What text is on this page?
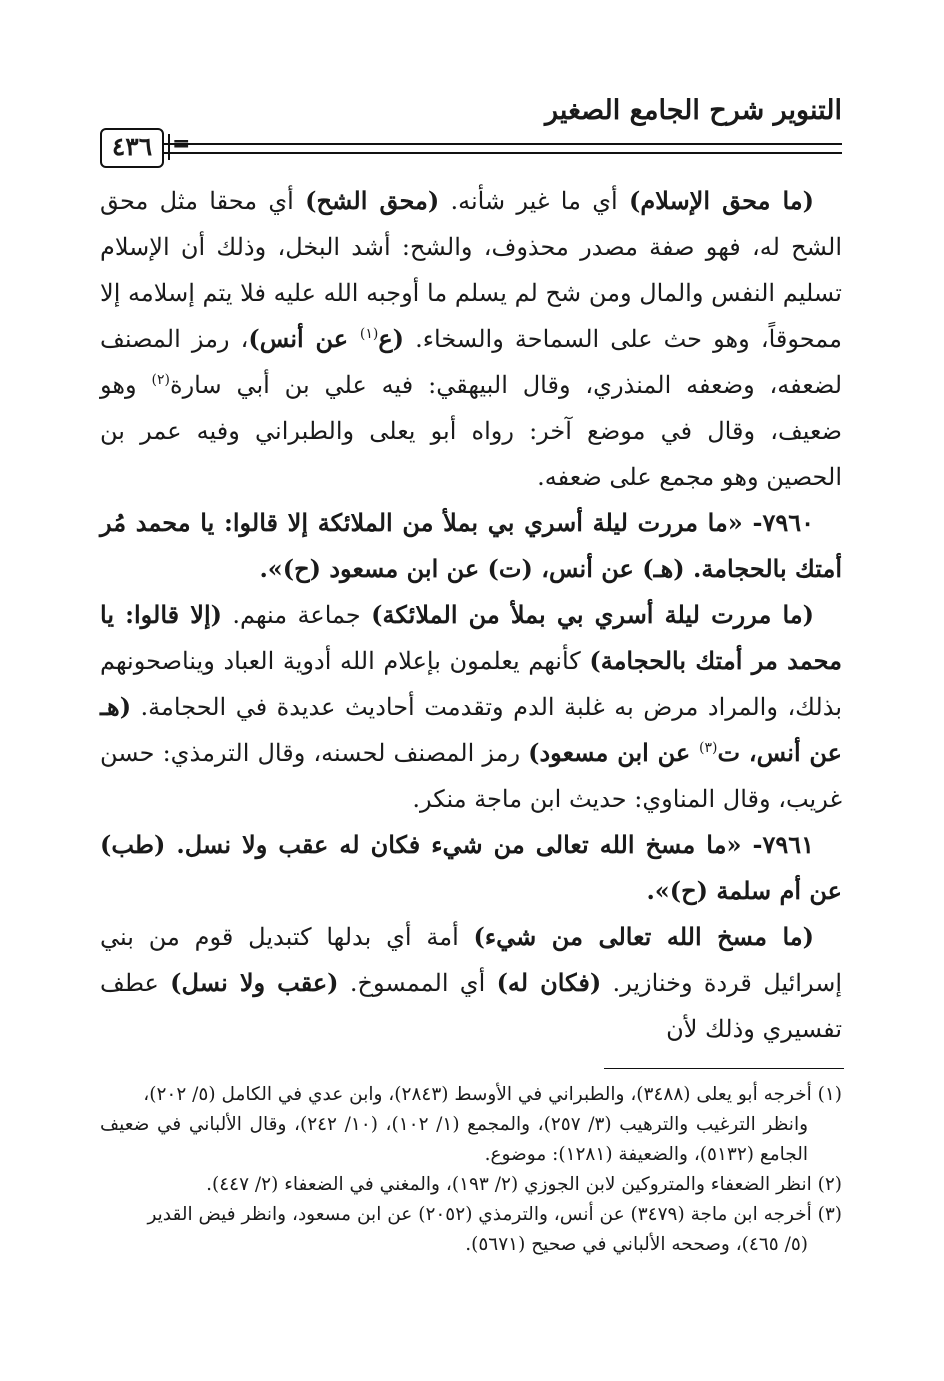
التنوير شرح الجامع الصغير
٤٣٦ =

(ما محق الإسلام) أي ما غير شأنه. (محق الشح) أي محقا مثل محق الشح له، فهو صفة مصدر محذوف، والشح: أشد البخل، وذلك أن الإسلام تسليم النفس والمال ومن شح لم يسلم ما أوجبه الله عليه فلا يتم إسلامه إلا ممحوقاً، وهو حث على السماحة والسخاء. (ع$^{(١)}$ عن أنس)، رمز المصنف لضعفه، وضعفه المنذري، وقال البيهقي: فيه علي بن أبي سارة$^{(٢)}$ وهو ضعيف، وقال في موضع آخر: رواه أبو يعلى والطبراني وفيه عمر بن الحصين وهو مجمع على ضعفه.

٧٩٦٠- «ما مررت ليلة أسري بي بملأ من الملائكة إلا قالوا: يا محمد مُر أمتك بالحجامة. (هـ) عن أنس، (ت) عن ابن مسعود (ح)».

(ما مررت ليلة أسري بي بملأ من الملائكة) جماعة منهم. (إلا قالوا: يا محمد مر أمتك بالحجامة) كأنهم يعلمون بإعلام الله أدوية العباد ويناصحونهم بذلك، والمراد مرض به غلبة الدم وتقدمت أحاديث عديدة في الحجامة. (هـ عن أنس، ت$^{(٣)}$ عن ابن مسعود) رمز المصنف لحسنه، وقال الترمذي: حسن غريب، وقال المناوي: حديث ابن ماجة منكر.

٧٩٦١- «ما مسخ الله تعالى من شيء فكان له عقب ولا نسل. (طب) عن أم سلمة (ح)».

(ما مسخ الله تعالى من شيء) أمة أي بدلها كتبديل قوم من بني إسرائيل قردة وخنازير. (فكان له) أي الممسوخ. (عقب ولا نسل) عطف تفسيري وذلك لأن

(١) أخرجه أبو يعلى (٣٤٨٨)، والطبراني في الأوسط (٢٨٤٣)، وابن عدي في الكامل (٥/ ٢٠٢)،

وانظر الترغيب والترهيب (٣/ ٢٥٧)، والمجمع (١/ ١٠٢)، (١٠/ ٢٤٢)، وقال الألباني في ضعيف الجامع (٥١٣٢)، والضعيفة (١٢٨١): موضوع.

(٢) انظر الضعفاء والمتروكين لابن الجوزي (٢/ ١٩٣)، والمغني في الضعفاء (٢/ ٤٤٧).

(٣) أخرجه ابن ماجة (٣٤٧٩) عن أنس، والترمذي (٢٠٥٢) عن ابن مسعود، وانظر فيض القدير

(٥/ ٤٦٥)، وصححه الألباني في صحيح (٥٦٧١).
